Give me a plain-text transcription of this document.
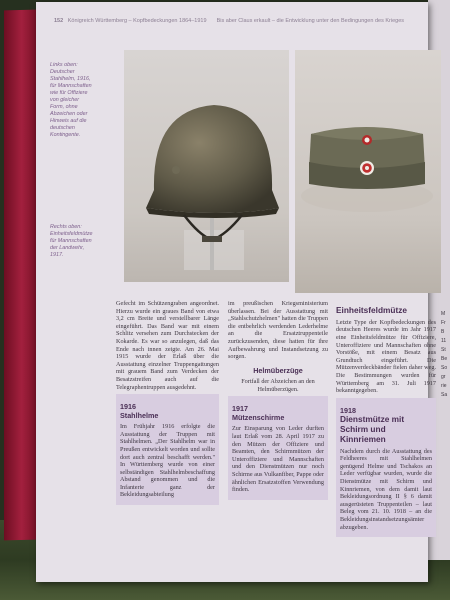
152 Königreich Württemberg – Kopfbedeckungen 1864–1919 Bis aber Claus erkault – die Entwicklung unter den Bedingungen des Krieges
Links oben: Deutscher Stahlhelm, 1916, für Mannschaften wie für Offiziere von gleicher Form, ohne Abzeichen oder Hinweis auf die deutschen Kontingente.
Rechts oben: Einheitsfeldmütze für Mannschaften der Landwehr, 1917.

Gefecht im Schützengraben angeordnet. Hierzu wurde ein graues Band von etwa 3,2 cm Breite und verstellbarer Länge eingeführt. Das Band war mit einem Schlitz versehen zum Durchstecken der Kokarde. Es war so anzulegen, daß das Ende nach innen zeigte. Am 26. Mai 1915 wurde der Erlaß über die Ausstattung einzelner Truppengattungen mit grauem Band zum Verdecken der Besatzstreifen auch auf die Telegraphentruppen ausgedehnt.

1916
Stahlhelme

Im Frühjahr 1916 erfolgte die Ausstattung der Truppen mit Stahlhelmen. „Der Stahlhelm war in Preußen entwickelt worden und sollte dort auch zentral beschafft werden." In Württemberg wurde von einer selbständigen Stahlhelmbeschaffung Abstand genommen und die Infanterie ganz der Bekleidungsabteilung

im preußischen Kriegsministerium überlassen. Bei der Ausstattung mit „Stahlschutzhelmen" hatten die Truppen die entbehrlich werdenden Lederhelme an die Ersatztruppenteile zurückzusenden, diese hatten für ihre Aufbewahrung und Instandsetzung zu sorgen.

Helmüberzüge

Fortfall der Abzeichen an den Helmüberzügen.

1917
Mützenschirme

Zur Einsparung von Leder durften laut Erlaß vom 28. April 1917 zu den Mützen der Offiziere und Beamten, den Schirmmützen der Unteroffiziere und Mannschaften und den Dienstmützen nur noch Schirme aus Vulkanfiber, Pappe oder ähnlichen Ersatzstoffen Verwendung finden.

Einheitsfeldmütze

Letzte Type der Kopfbedeckungen des deutschen Heeres wurde im Jahr 1917 eine Einheitsfeldmütze für Offiziere, Unteroffiziere und Mannschaften ohne Vorstöße, mit einem Besatz aus Grundtuch eingeführt. Die Mützenverdeckbänder fielen daher weg. Die Bestimmungen wurden für Württemberg am 31. Juli 1917 bekanntgegeben.

1918
Dienstmütze mit Schirm und Kinnriemen

Nachdem durch die Ausstattung des Feldheeres mit Stahlhelmen genügend Helme und Tschakos an Leder verfügbar wurden, wurde die Dienstmütze mit Schirm und Kinnriemen, von dem damit laut Bekleidungsordnung II § 6 damit ausgerüsteten Truppenteilen – laut Beleg vom 21. 10. 1918 – an die Bekleidungsinstandsetzungsämter abzugeben.

M
Fr
B
11
St
Be
So
gr
rie
Sa
